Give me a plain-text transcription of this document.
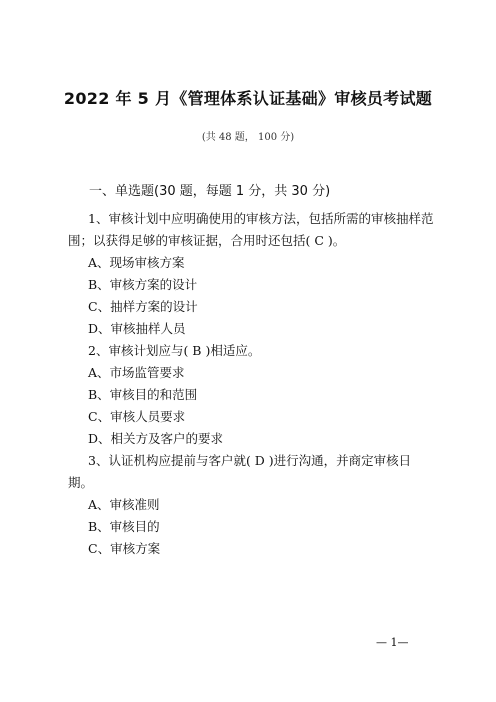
2022 年 5 月《管理体系认证基础》审核员考试题
(共 48 题， 100 分)
一、单选题(30 题，每题 1 分，共 30 分)

1、审核计划中应明确使用的审核方法，包括所需的审核抽样范围；以获得足够的审核证据，合用时还包括( C )。

A、现场审核方案

B、审核方案的设计

C、抽样方案的设计

D、审核抽样人员

2、审核计划应与( B )相适应。

A、市场监管要求

B、审核目的和范围

C、审核人员要求

D、相关方及客户的要求

3、认证机构应提前与客户就( D )进行沟通，并商定审核日期。

A、审核准则

B、审核目的

C、审核方案

— 1—
